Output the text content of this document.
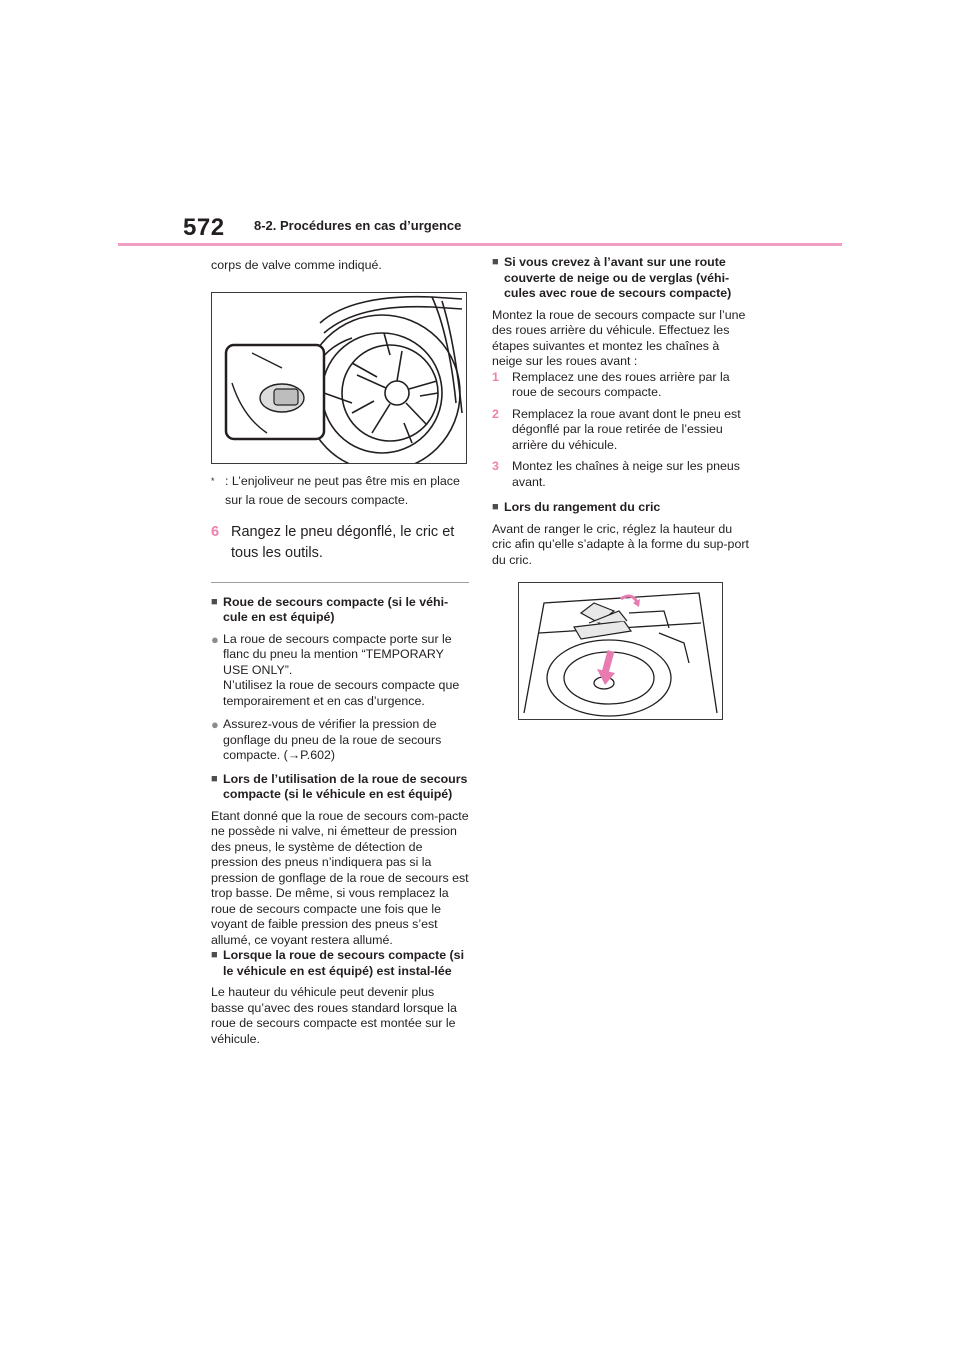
572 8-2. Procédures en cas d’urgence

corps de valve comme indiqué.

* : L’enjoliveur ne peut pas être mis en place sur la roue de secours compacte.
6 Rangez le pneu dégonflé, le cric et tous les outils.
■ Roue de secours compacte (si le véhi-cule en est équipé)
● La roue de secours compacte porte sur le flanc du pneu la mention “TEMPORARY USE ONLY”.

N’utilisez la roue de secours compacte que temporairement et en cas d’urgence.

● Assurez-vous de vérifier la pression de gonflage du pneu de la roue de secours compacte. (→P.602)

■ Lors de l’utilisation de la roue de secours compacte (si le véhicule en est équipé)

Etant donné que la roue de secours com-pacte ne possède ni valve, ni émetteur de pression des pneus, le système de détection de pression des pneus n’indiquera pas si la pression de gonflage de la roue de secours est trop basse. De même, si vous remplacez la roue de secours compacte une fois que le voyant de faible pression des pneus s’est allumé, ce voyant restera allumé.

■ Lorsque la roue de secours compacte (si le véhicule en est équipé) est instal-lée

Le hauteur du véhicule peut devenir plus basse qu’avec des roues standard lorsque la roue de secours compacte est montée sur le véhicule.

■ Si vous crevez à l’avant sur une route couverte de neige ou de verglas (véhi-cules avec roue de secours compacte)

Montez la roue de secours compacte sur l’une des roues arrière du véhicule. Effectuez les étapes suivantes et montez les chaînes à neige sur les roues avant :

1	Remplacez une des roues arrière par la roue de secours compacte.
2	Remplacez la roue avant dont le pneu est dégonflé par la roue retirée de l’essieu arrière du véhicule.
3	Montez les chaînes à neige sur les pneus avant.
■ Lors du rangement du cric

Avant de ranger le cric, réglez la hauteur du cric afin qu’elle s’adapte à la forme du sup-port du cric.
